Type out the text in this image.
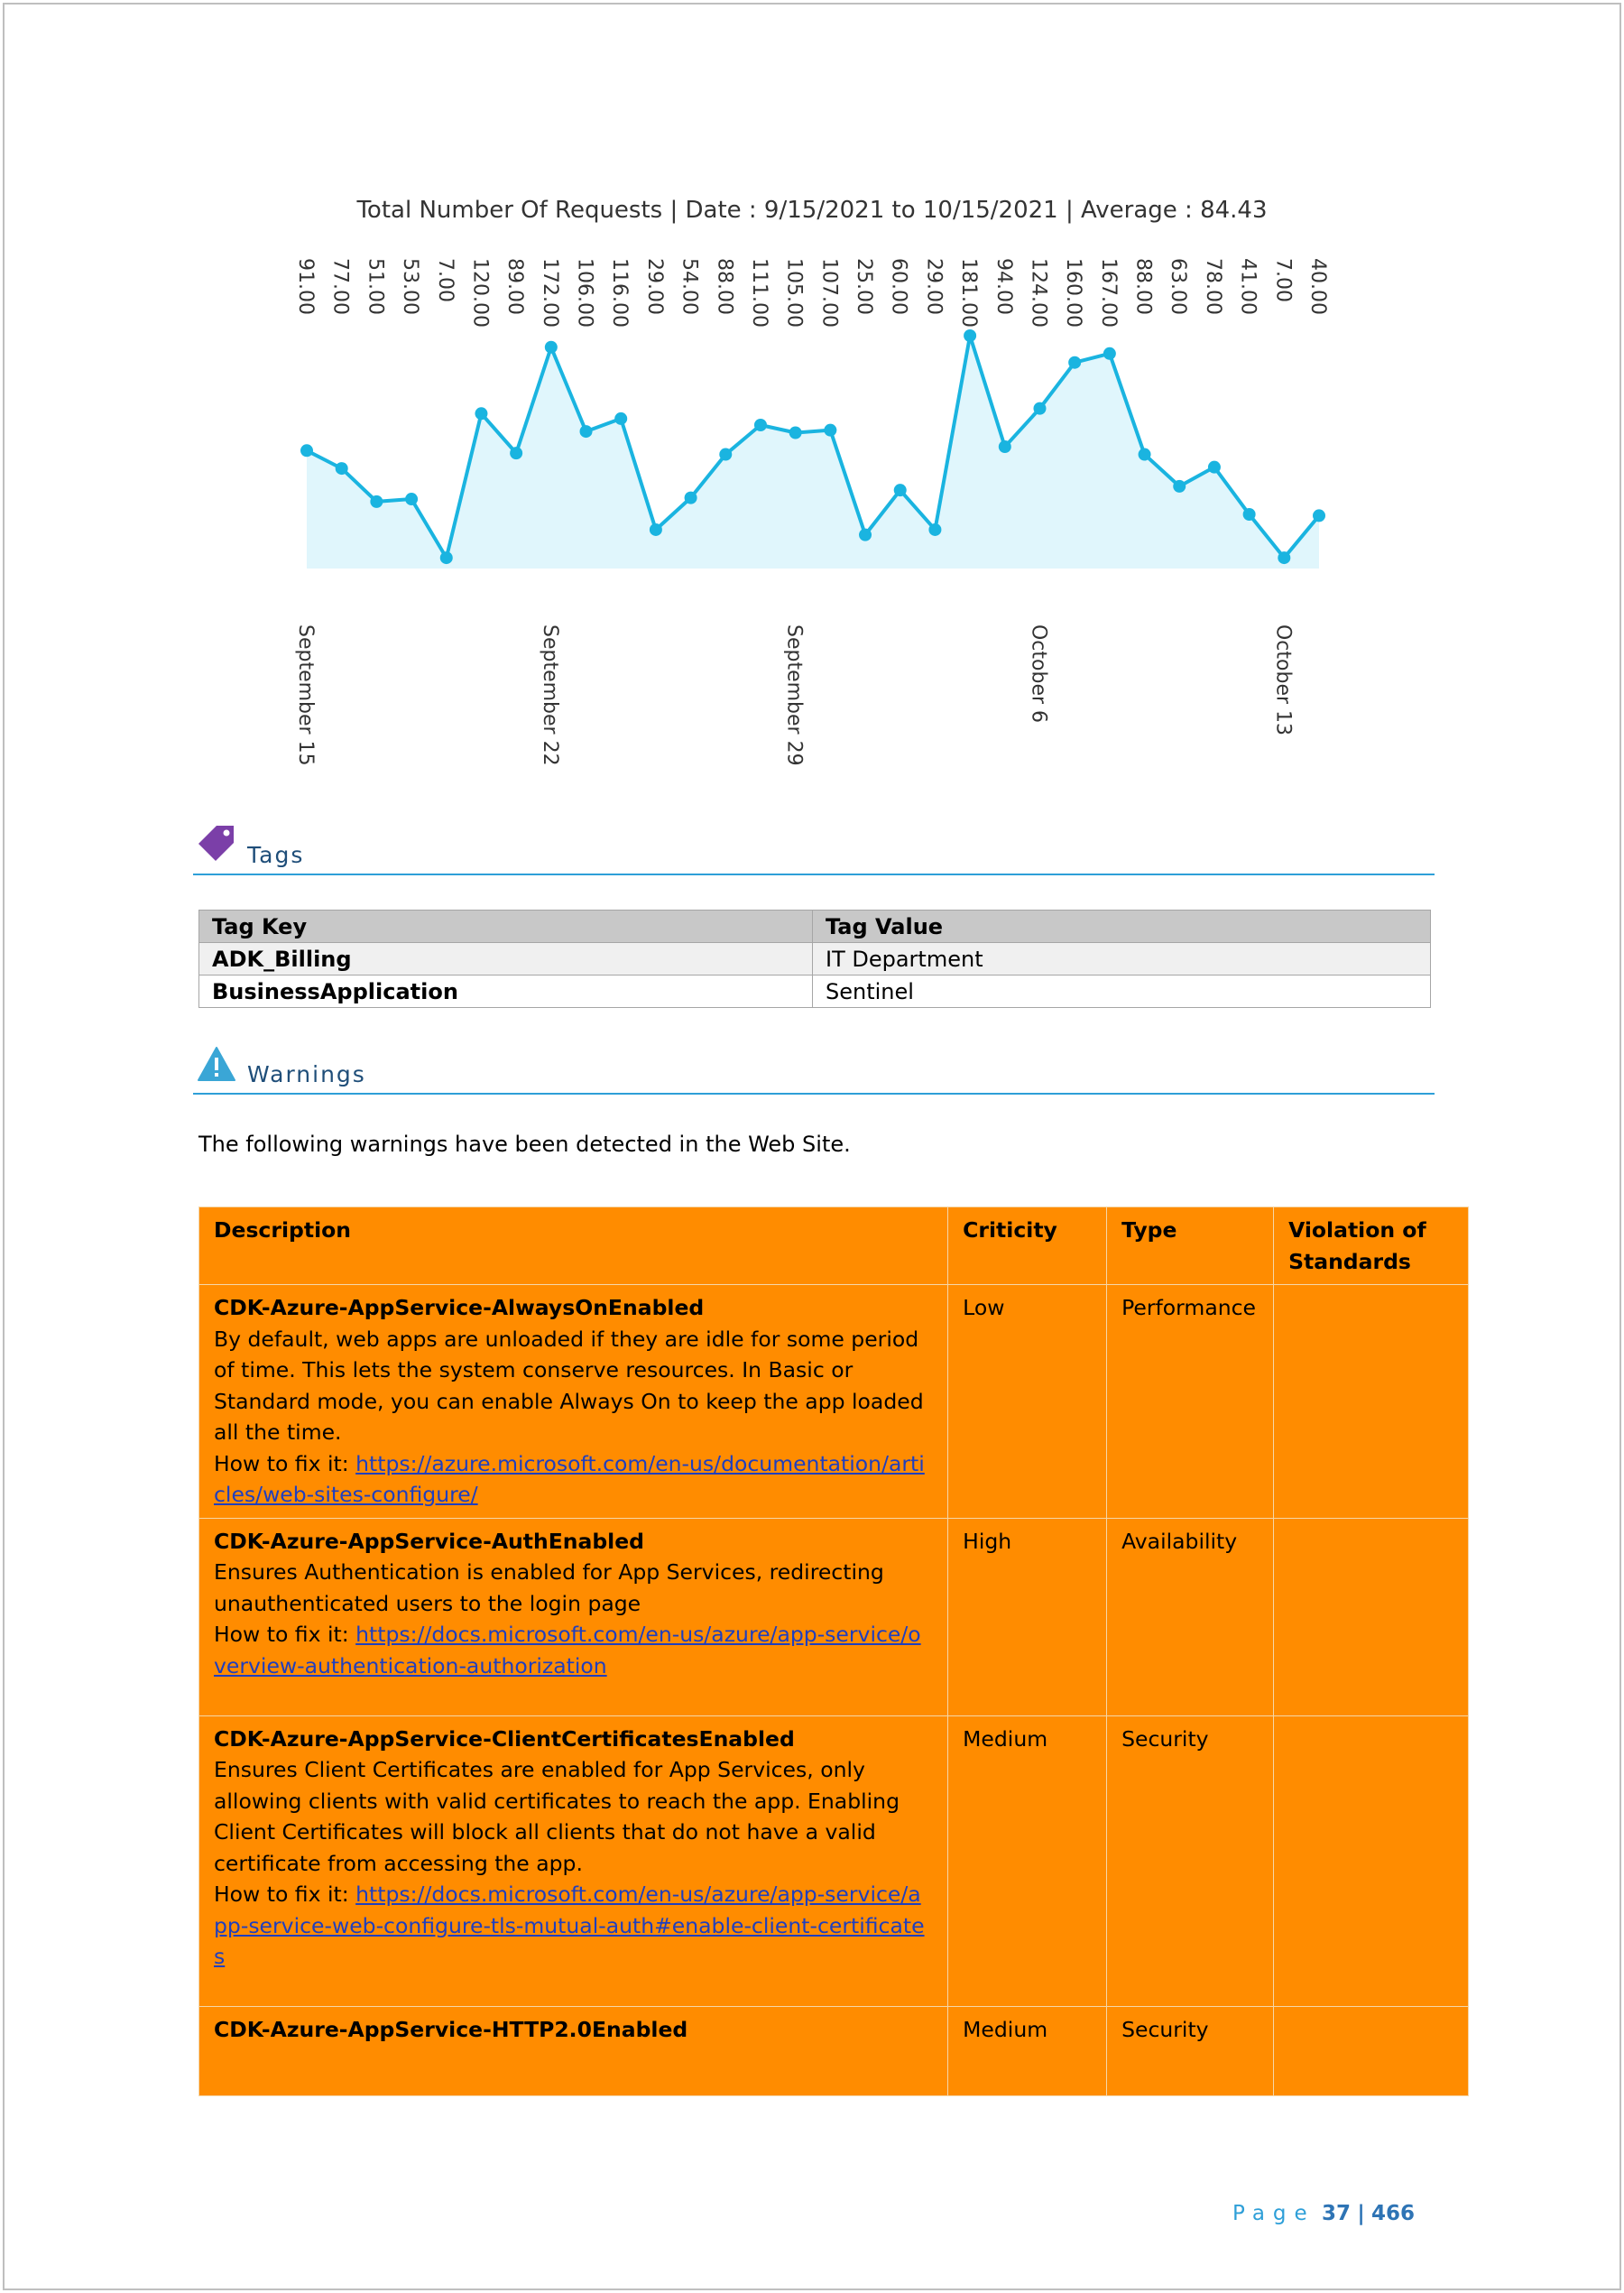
Total Number Of Requests | Date : 9/15/2021 to 10/15/2021 | Average : 84.43
91.00 77.00 51.00 53.00 7.00 120.00 89.00 172.00 106.00 116.00 29.00 54.00 88.00 111.00 105.00 107.00 25.00 60.00 29.00 181.00 94.00 124.00 160.00 167.00 88.00 63.00 78.00 41.00 7.00 40.00
September 15	September 22	September 29	October 6	October 13
Tags
Tag Key	Tag Value
ADK_Billing	IT Department
BusinessApplication	Sentinel
Warnings
The following warnings have been detected in the Web Site.
Description	Criticity	Type	Violation of Standards

CDK-Azure-AppService-AlwaysOnEnabled
By default, web apps are unloaded if they are idle for some period of time. This lets the system conserve resources. In Basic or Standard mode, you can enable Always On to keep the app loaded all the time.
How to fix it: https://azure.microsoft.com/en-us/documentation/articles/web-sites-configure/	Low	Performance	

CDK-Azure-AppService-AuthEnabled
Ensures Authentication is enabled for App Services, redirecting unauthenticated users to the login page
How to fix it: https://docs.microsoft.com/en-us/azure/app-service/overview-authentication-authorization	High	Availability	

CDK-Azure-AppService-ClientCertificatesEnabled
Ensures Client Certificates are enabled for App Services, only allowing clients with valid certificates to reach the app. Enabling Client Certificates will block all clients that do not have a valid certificate from accessing the app.
How to fix it: https://docs.microsoft.com/en-us/azure/app-service/app-service-web-configure-tls-mutual-auth#enable-client-certificates	Medium	Security	

CDK-Azure-AppService-HTTP2.0Enabled	Medium	Security	
Page 37 | 466
